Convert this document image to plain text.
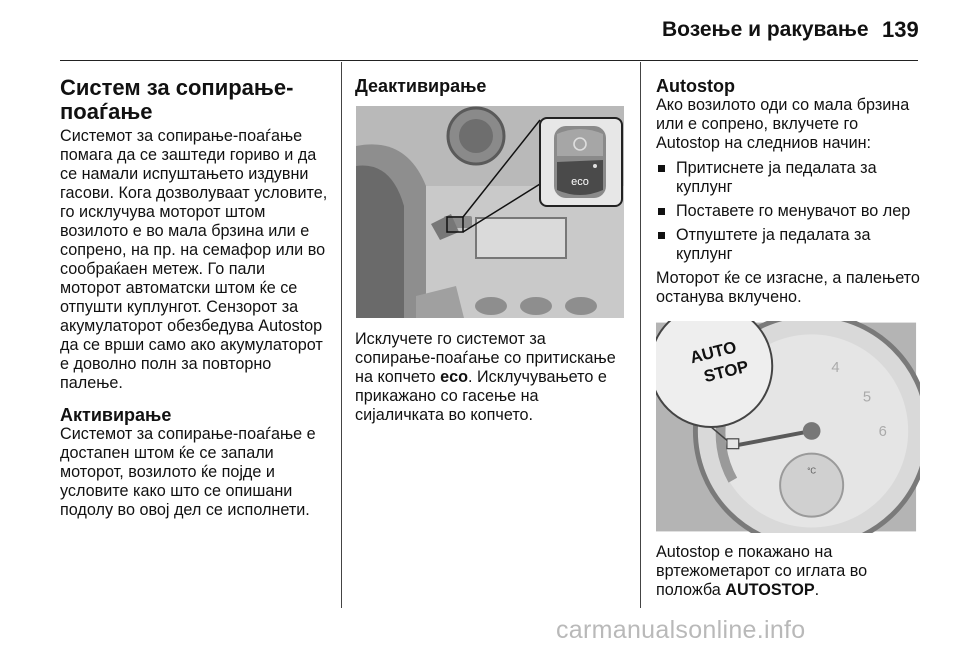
Возење и ракување 139
Систем за сопирање-поаѓање

Системот за сопирање-поаѓање помага да се заштеди гориво и да се намали испуштањето издувни гасови. Кога дозволуваат условите, го исклучува моторот штом возилото е во мала брзина или е сопрено, на пр. на семафор или во сообраќаен метеж. Го пали моторот автоматски штом ќе се отпушти куплунгот. Сензорот за акумулаторот обезбедува Autostop да се врши само ако акумулаторот е доволно полн за повторно палење.

Активирање

Системот за сопирање-поаѓање е достапен штом ќе се запали моторот, возилото ќе појде и условите како што се опишани подолу во овој дел се исполнети.

Деактивирање
eco

Исклучете го системот за сопирање-поаѓање со притискање на копчето eco. Исклучувањето е прикажано со гасење на сијаличката во копчето.

Autostop

Ако возилото оди со мала брзина или е сопрено, вклучете го Autostop на следниов начин:

Притиснете ја педалата за куплунг
Поставете го менувачот во лер
Отпуштете ја педалата за куплунг

Моторот ќе се изгасне, а палењето останува вклучено.

4
5
6
°C
AUTO
STOP

Autostop е покажано на вртежометарот со иглата во положба AUTOSTOP.

carmanualsonline.info
